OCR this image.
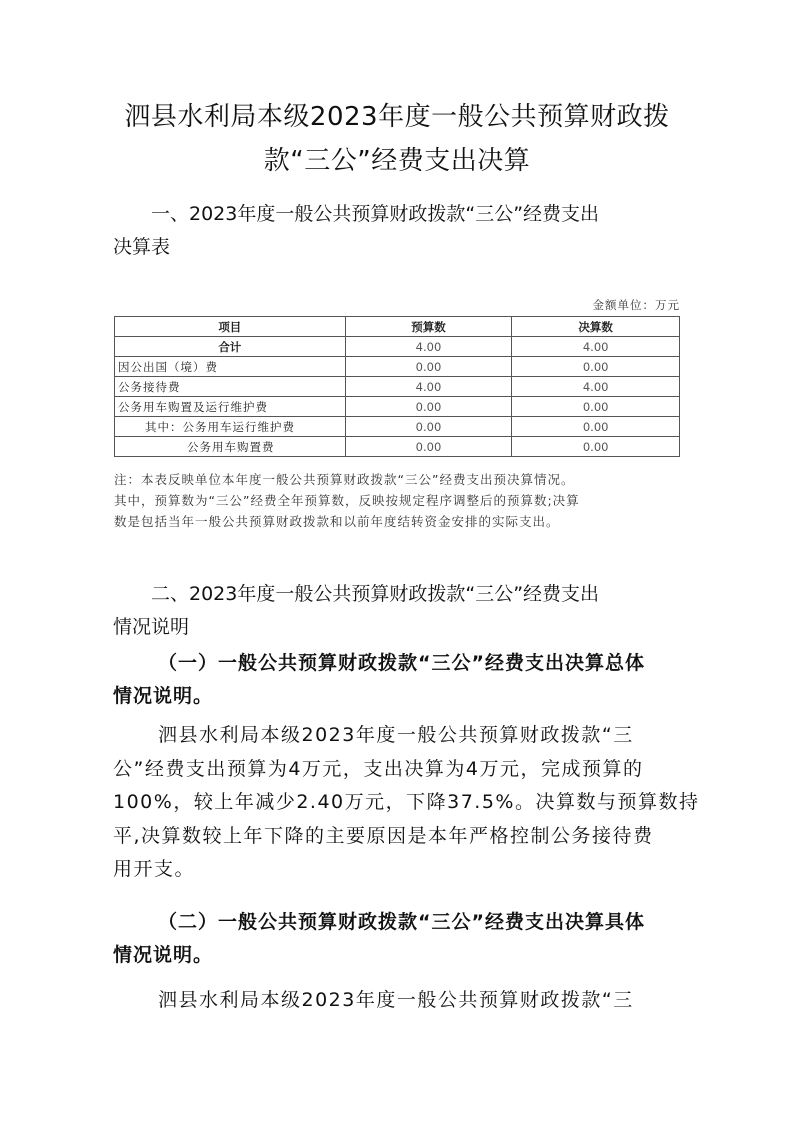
泗县水利局本级2023年度一般公共预算财政拨
款“三公”经费支出决算
一、2023年度一般公共预算财政拨款“三公”经费支出
决算表
金额单位：万元
项目	预算数	决算数
合计	4.00	4.00
因公出国（境）费	0.00	0.00
公务接待费	4.00	4.00
公务用车购置及运行维护费	0.00	0.00
其中：公务用车运行维护费	0.00	0.00
公务用车购置费	0.00	0.00
注：本表反映单位本年度一般公共预算财政拨款“三公”经费支出预决算情况。
其中，预算数为“三公”经费全年预算数，反映按规定程序调整后的预算数;决算
数是包括当年一般公共预算财政拨款和以前年度结转资金安排的实际支出。
二、2023年度一般公共预算财政拨款“三公”经费支出
情况说明
（一）一般公共预算财政拨款“三公”经费支出决算总体
情况说明。
泗县水利局本级2023年度一般公共预算财政拨款“三
公”经费支出预算为4万元，支出决算为4万元，完成预算的
100%，较上年减少2.40万元，下降37.5%。决算数与预算数持
平,决算数较上年下降的主要原因是本年严格控制公务接待费
用开支。
（二）一般公共预算财政拨款“三公”经费支出决算具体
情况说明。
泗县水利局本级2023年度一般公共预算财政拨款“三
